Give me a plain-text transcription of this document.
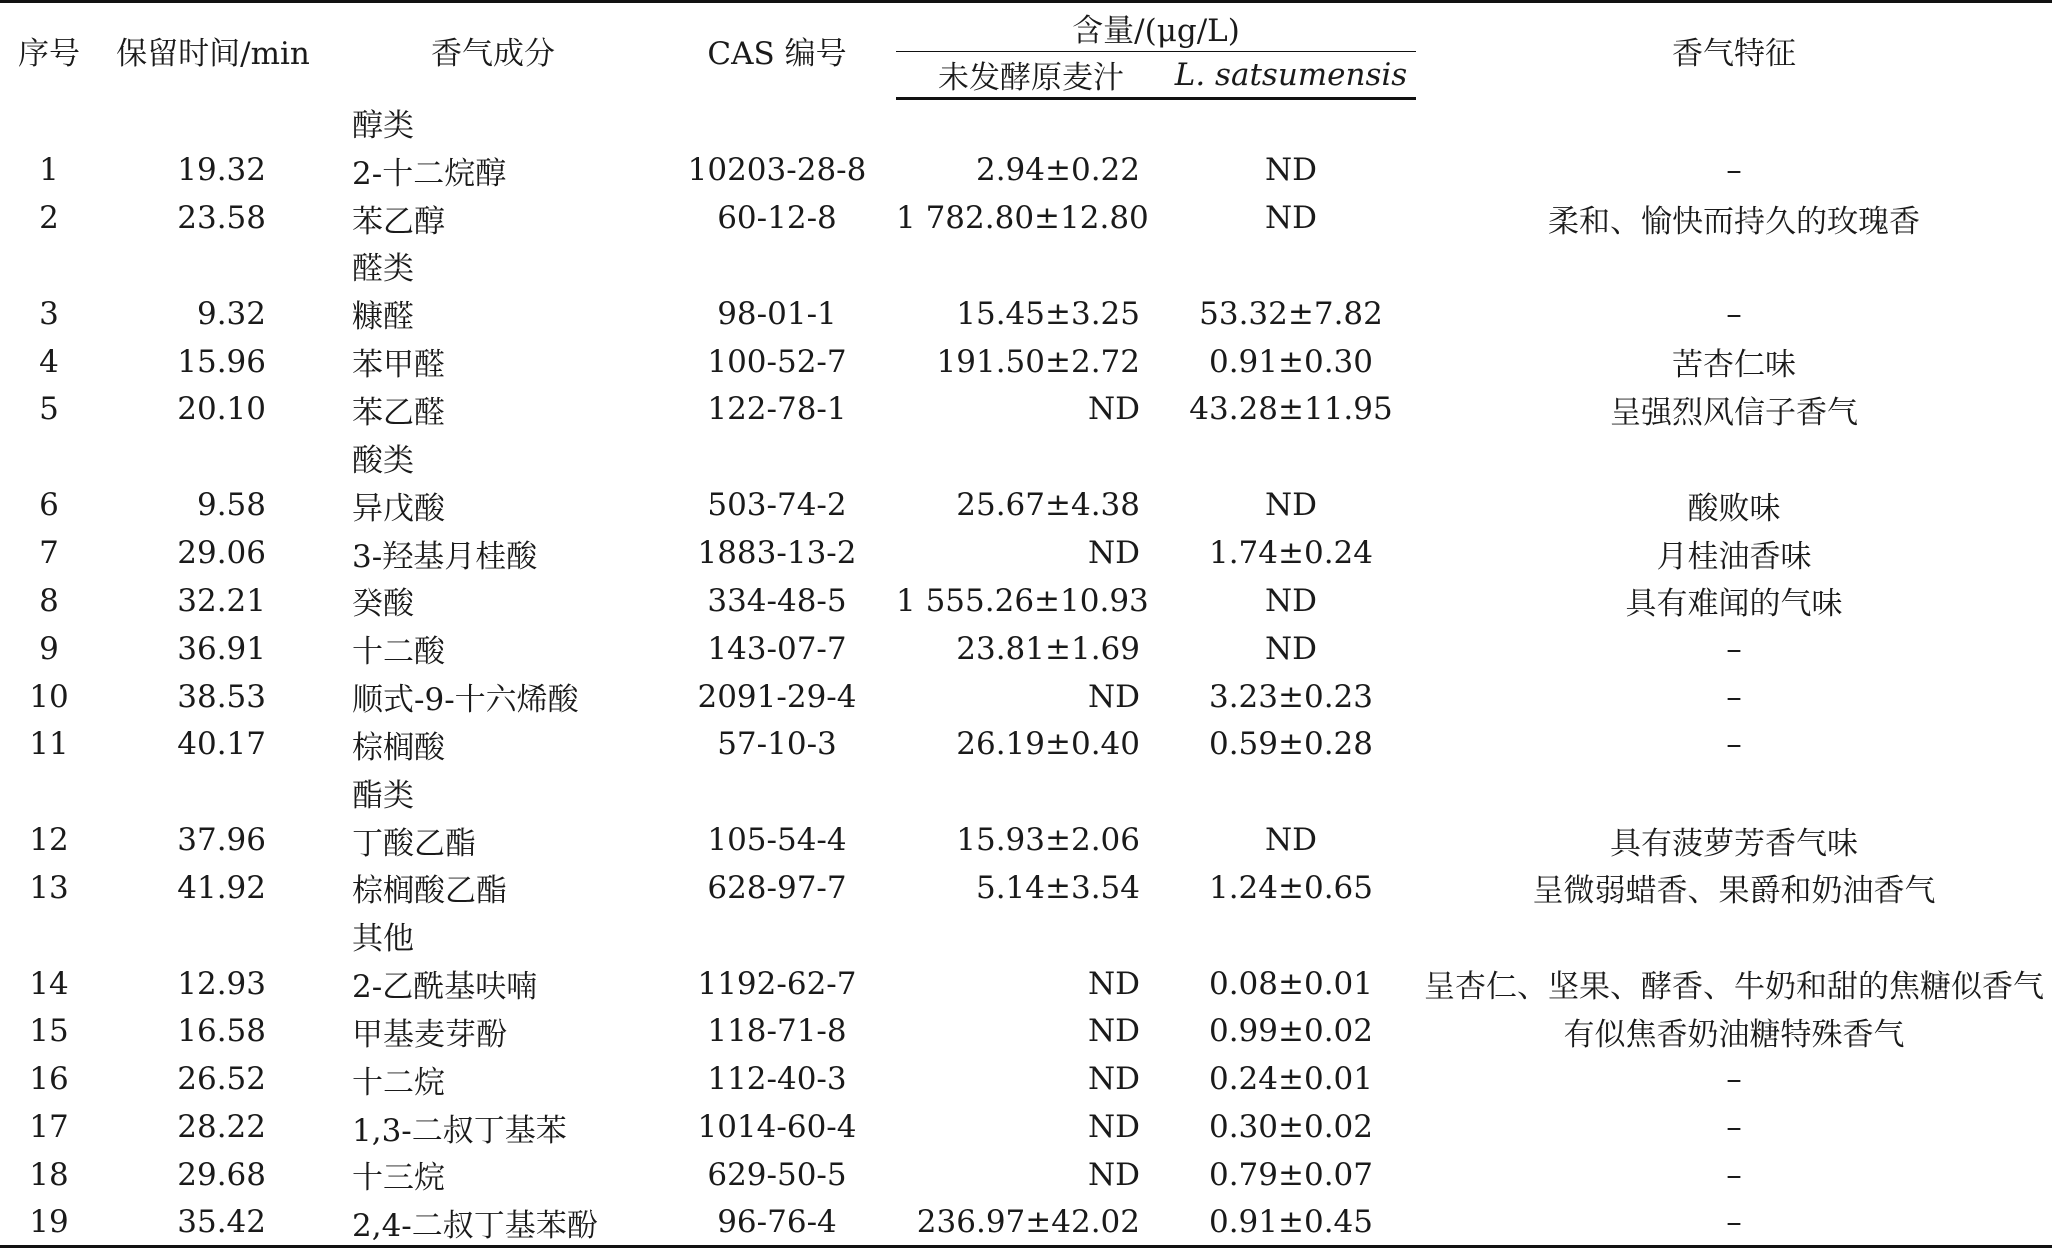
序号	保留时间/min	香气成分	CAS 编号	含量/(μg/L)		香气特征
				未发酵原麦汁	L. satsumensis	
		醇类				
1	19.32	2-十二烷醇	10203-28-8	2.94±0.22	ND	–
2	23.58	苯乙醇	60-12-8	1 782.80±12.80	ND	柔和、愉快而持久的玫瑰香
		醛类				
3	9.32	糠醛	98-01-1	15.45±3.25	53.32±7.82	–
4	15.96	苯甲醛	100-52-7	191.50±2.72	0.91±0.30	苦杏仁味
5	20.10	苯乙醛	122-78-1	ND	43.28±11.95	呈强烈风信子香气
		酸类				
6	9.58	异戊酸	503-74-2	25.67±4.38	ND	酸败味
7	29.06	3-羟基月桂酸	1883-13-2	ND	1.74±0.24	月桂油香味
8	32.21	癸酸	334-48-5	1 555.26±10.93	ND	具有难闻的气味
9	36.91	十二酸	143-07-7	23.81±1.69	ND	–
10	38.53	顺式-9-十六烯酸	2091-29-4	ND	3.23±0.23	–
11	40.17	棕榈酸	57-10-3	26.19±0.40	0.59±0.28	–
		酯类				
12	37.96	丁酸乙酯	105-54-4	15.93±2.06	ND	具有菠萝芳香气味
13	41.92	棕榈酸乙酯	628-97-7	5.14±3.54	1.24±0.65	呈微弱蜡香、果爵和奶油香气
		其他				
14	12.93	2-乙酰基呋喃	1192-62-7	ND	0.08±0.01	呈杏仁、坚果、酵香、牛奶和甜的焦糖似香气
15	16.58	甲基麦芽酚	118-71-8	ND	0.99±0.02	有似焦香奶油糖特殊香气
16	26.52	十二烷	112-40-3	ND	0.24±0.01	–
17	28.22	1,3-二叔丁基苯	1014-60-4	ND	0.30±0.02	–
18	29.68	十三烷	629-50-5	ND	0.79±0.07	–
19	35.42	2,4-二叔丁基苯酚	96-76-4	236.97±42.02	0.91±0.45	–
